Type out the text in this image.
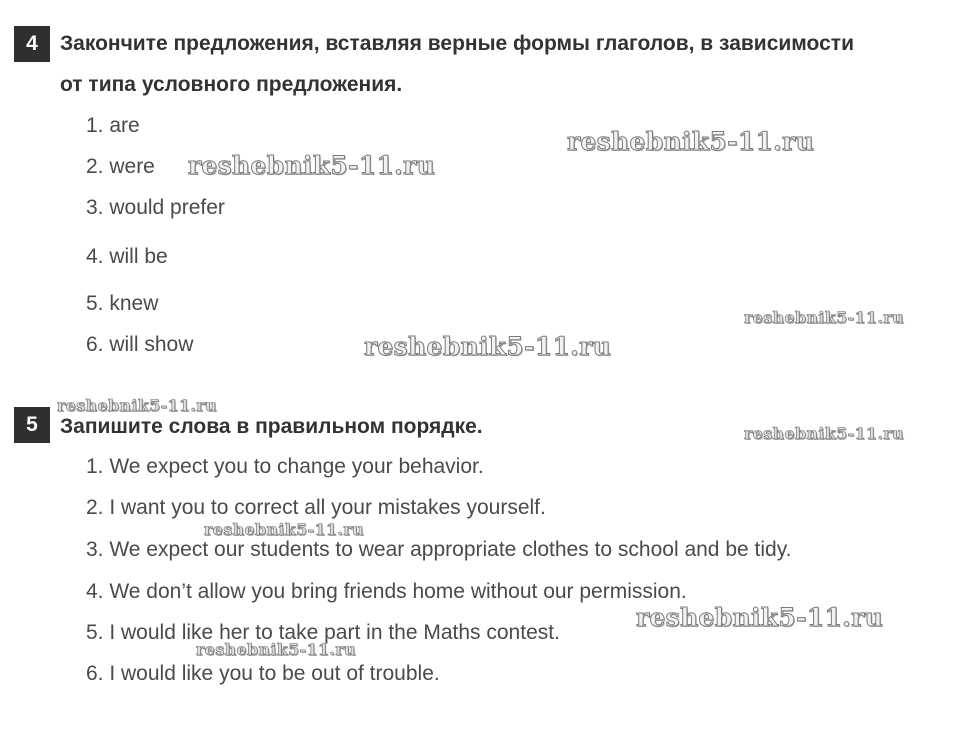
4	Закончите предложения, вставляя верные формы глаголов, в зависимости
от типа условного предложения.
1. are
2. were
3. would prefer
4. will be
5. knew
6. will show
5	Запишите слова в правильном порядке.
1. We expect you to change your behavior.
2. I want you to correct all your mistakes yourself.
3. We expect our students to wear appropriate clothes to school and be tidy.
4. We don’t allow you bring friends home without our permission.
5. I would like her to take part in the Maths contest.
6. I would like you to be out of trouble.
reshebnik5-11.ru
reshebnik5-11.ru
reshebnik5-11.ru
reshebnik5-11.ru
reshebnik5-11.ru
reshebnik5-11.ru
reshebnik5-11.ru
reshebnik5-11.ru
reshebnik5-11.ru
